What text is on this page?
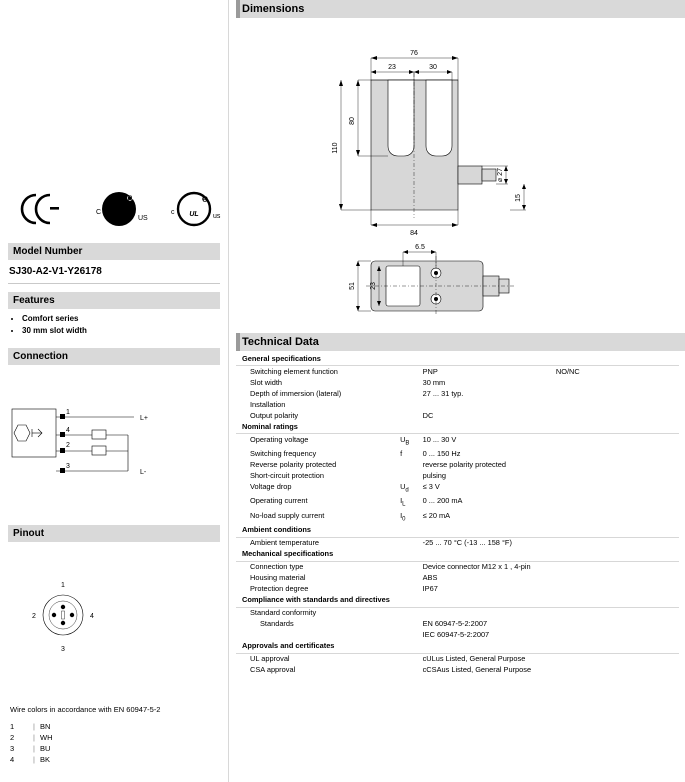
CSA
C
US
R
UL
c
us
R
Model Number
SJ30-A2-V1-Y26178
Features
• Comfort series
• 30 mm slot width
Connection
1
4
2
3
L+
L-
Pinout
1
2	4
3
Wire colors in accordance with EN 60947-5-2
1	|	BN
2	|	WH
3	|	BU
4	|	BK
Dimensions
76
23	30
80
110
84
⌀ 27
15
6.5
51 23
Technical Data
General specifications			

Switching element function		PNP	NO/NC
Slot width		30 mm	
Depth of immersion (lateral)		27 ... 31 typ.	
Installation			
Output polarity		DC	
Nominal ratings			

Operating voltage	$U_B$	10 ... 30 V	
Switching frequency	f	0 ... 150 Hz	
Reverse polarity protected		reverse polarity protected	
Short-circuit protection		pulsing	
Voltage drop	$U_d$	≤ 3 V	
Operating current	$I_L$	0 ... 200 mA	
No-load supply current	$I_0$	≤ 20 mA	
Ambient conditions			

Ambient temperature		-25 ... 70 °C (-13 ... 158 °F)	
Mechanical specifications			

Connection type		Device connector M12 x 1 , 4-pin	
Housing material		ABS	
Protection degree		IP67	
Compliance with standards and directives			

Standard conformity			
Standards		EN 60947-5-2:2007	
		IEC 60947-5-2:2007	
Approvals and certificates			

UL approval		cULus Listed, General Purpose	
CSA approval		cCSAus Listed, General Purpose	
